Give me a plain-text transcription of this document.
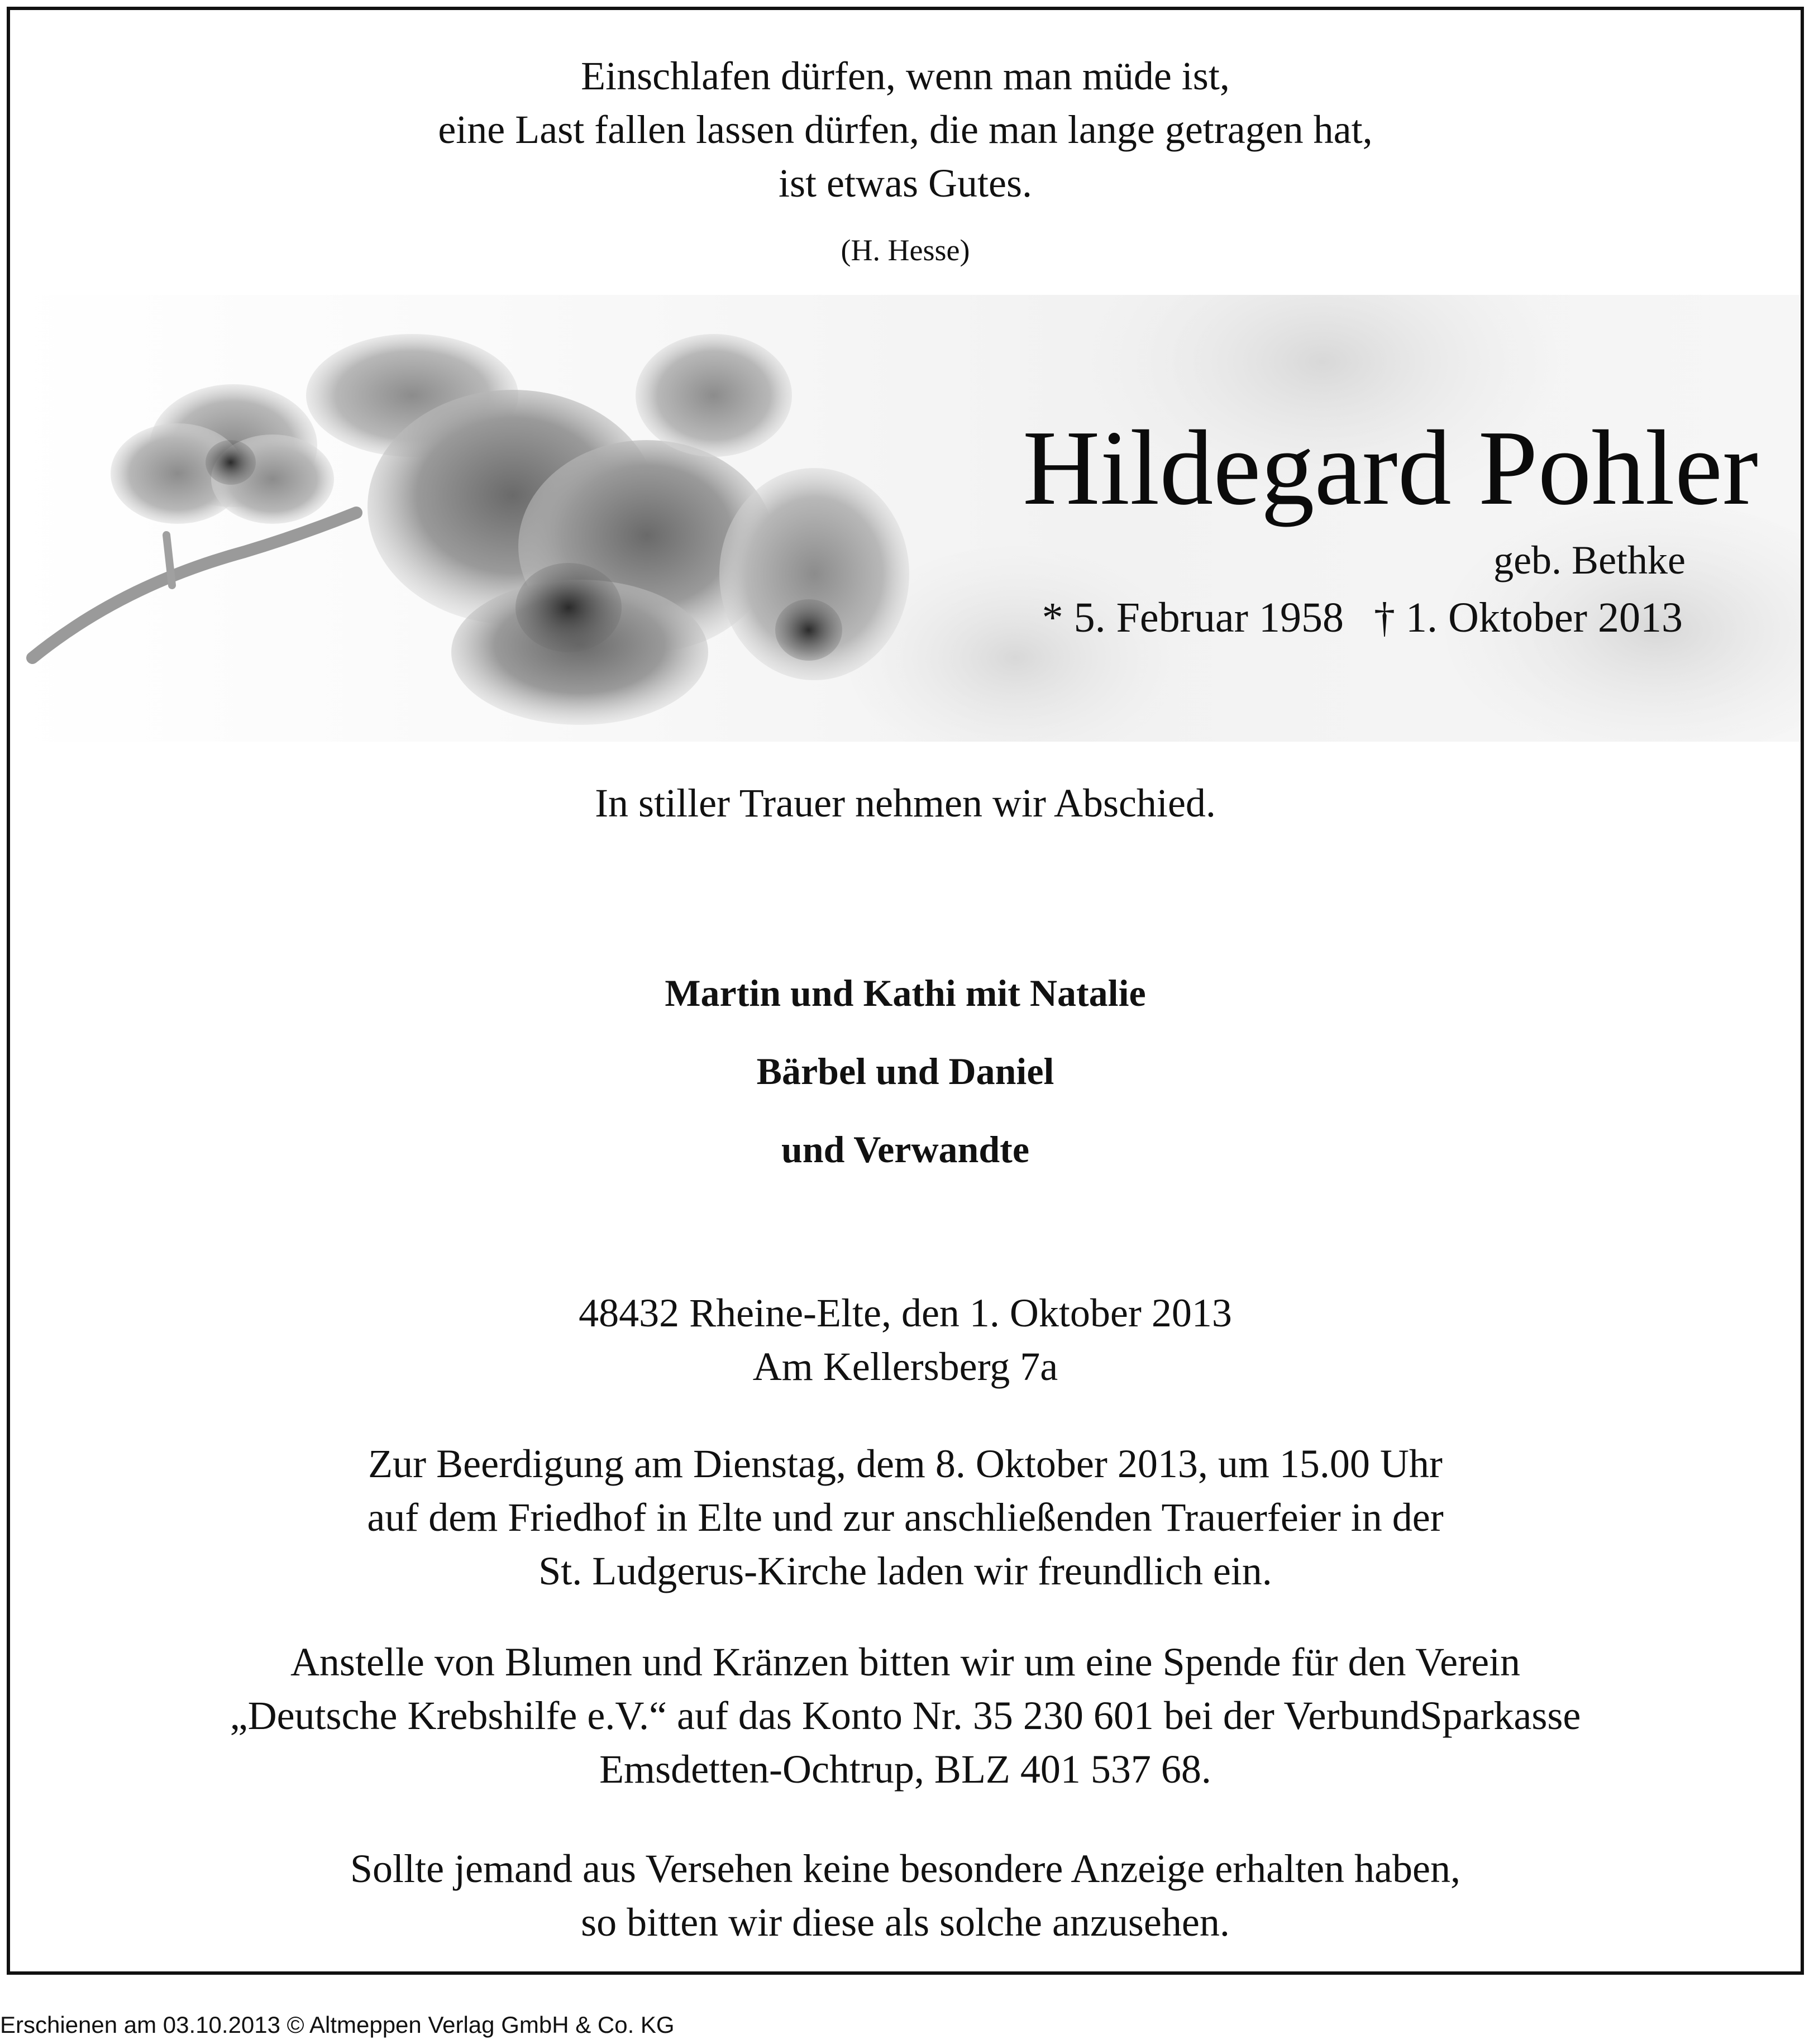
Einschlafen dürfen, wenn man müde ist,
eine Last fallen lassen dürfen, die man lange getragen hat,
ist etwas Gutes.
(H. Hesse)
Hildegard Pohler
geb. Bethke
* 5. Februar 1958 † 1. Oktober 2013
In stiller Trauer nehmen wir Abschied.
Martin und Kathi mit Natalie
Bärbel und Daniel
und Verwandte
48432 Rheine-Elte, den 1. Oktober 2013
Am Kellersberg 7a
Zur Beerdigung am Dienstag, dem 8. Oktober 2013, um 15.00 Uhr
auf dem Friedhof in Elte und zur anschließenden Trauerfeier in der
St. Ludgerus-Kirche laden wir freundlich ein.
Anstelle von Blumen und Kränzen bitten wir um eine Spende für den Verein
„Deutsche Krebshilfe e.V.“ auf das Konto Nr. 35 230 601 bei der VerbundSparkasse
Emsdetten-Ochtrup, BLZ 401 537 68.
Sollte jemand aus Versehen keine besondere Anzeige erhalten haben,
so bitten wir diese als solche anzusehen.
Erschienen am 03.10.2013 © Altmeppen Verlag GmbH & Co. KG
